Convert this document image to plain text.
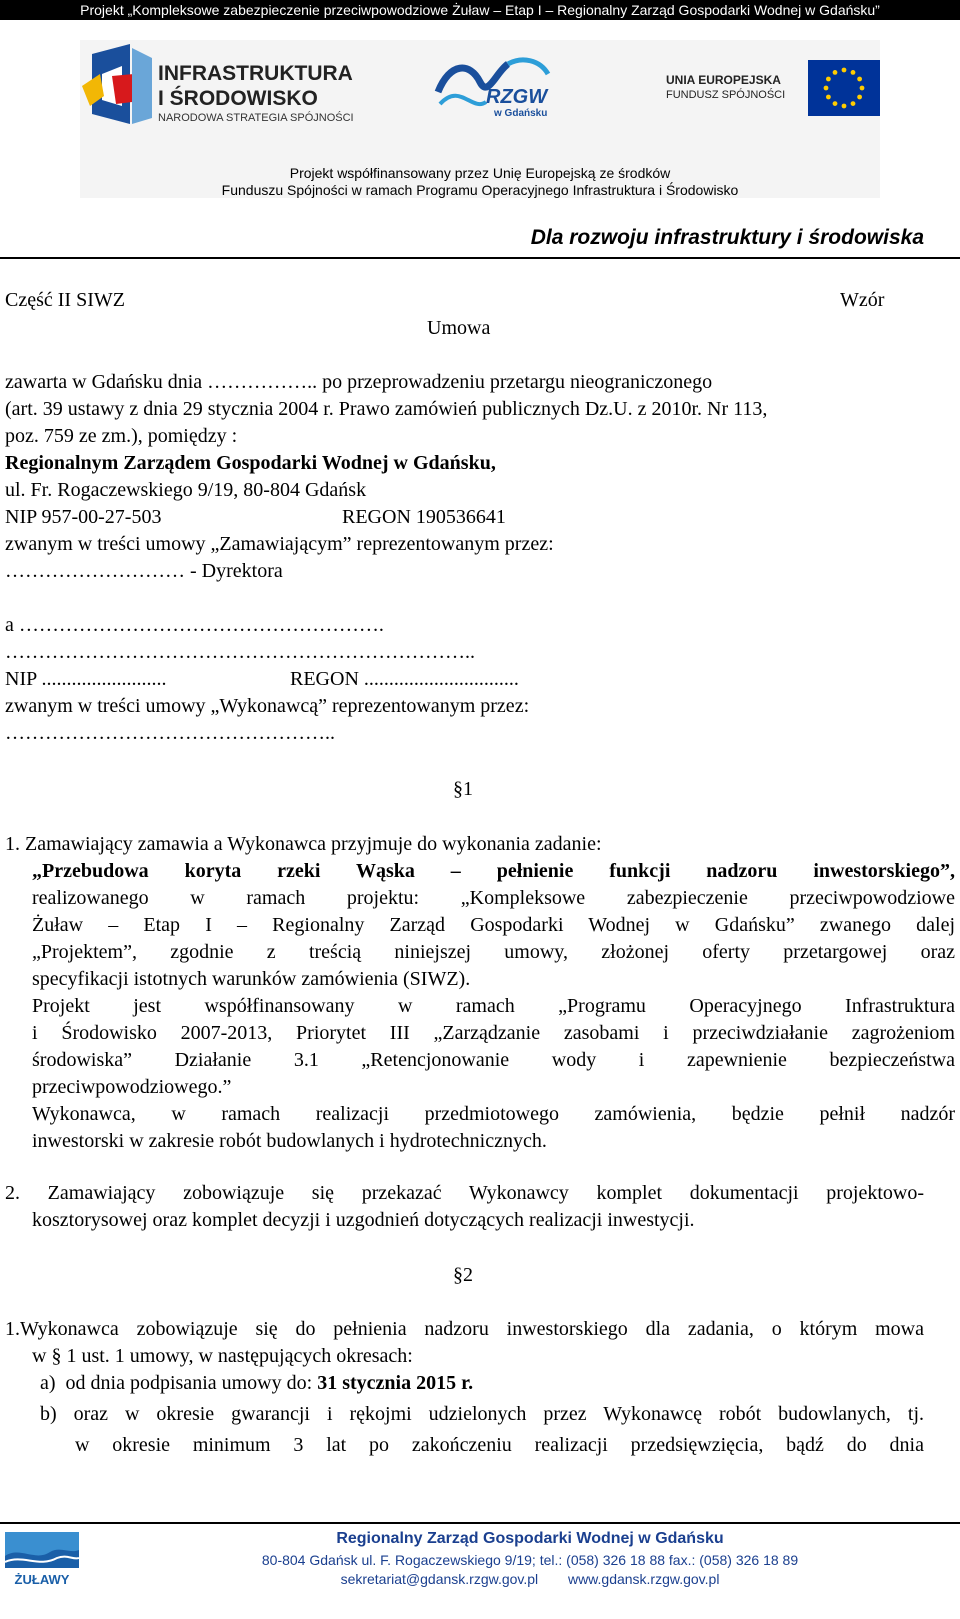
Projekt „Kompleksowe zabezpieczenie przeciwpowodziowe Żuław – Etap I – Regionalny Zarząd Gospodarki Wodnej w Gdańsku”
INFRASTRUKTURA
I ŚRODOWISKO
NARODOWA STRATEGIA SPÓJNOŚCI
RZGW
w Gdańsku
UNIA EUROPEJSKA
FUNDUSZ SPÓJNOŚCI
Projekt współfinansowany przez Unię Europejską ze środków
Funduszu Spójności w ramach Programu Operacyjnego Infrastruktura i Środowisko
Dla rozwoju infrastruktury i środowiska
Część II SIWZ	Wzór
Umowa
zawarta w Gdańsku dnia …………….. po przeprowadzeniu przetargu nieograniczonego
(art. 39 ustawy z dnia 29 stycznia 2004 r. Prawo zamówień publicznych Dz.U. z 2010r. Nr 113,
poz. 759 ze zm.), pomiędzy :
Regionalnym Zarządem Gospodarki Wodnej w Gdańsku,
ul. Fr. Rogaczewskiego 9/19, 80-804 Gdańsk
NIP 957-00-27-503	REGON 190536641
zwanym w treści umowy „Zamawiającym” reprezentowanym przez:
……………………… - Dyrektora
a ……………………………………………….
……………………………………………………………..
NIP .........................	REGON ...............................
zwanym w treści umowy „Wykonawcą” reprezentowanym przez:
…………………………………………..
§1
1. Zamawiający zamawia a Wykonawca przyjmuje do wykonania zadanie:
„Przebudowa koryta rzeki Wąska – pełnienie funkcji nadzoru inwestorskiego”,
realizowanego w ramach projektu: „Kompleksowe zabezpieczenie przeciwpowodziowe
Żuław – Etap I – Regionalny Zarząd Gospodarki Wodnej w Gdańsku” zwanego dalej
„Projektem”, zgodnie z treścią niniejszej umowy, złożonej oferty przetargowej oraz
specyfikacji istotnych warunków zamówienia (SIWZ).
Projekt jest współfinansowany w ramach „Programu Operacyjnego Infrastruktura
i Środowisko 2007-2013, Priorytet III „Zarządzanie zasobami i przeciwdziałanie zagrożeniom
środowiska” Działanie 3.1 „Retencjonowanie wody i zapewnienie bezpieczeństwa
przeciwpowodziowego.”
Wykonawca, w ramach realizacji przedmiotowego zamówienia, będzie pełnił nadzór
inwestorski w zakresie robót budowlanych i hydrotechnicznych.
2. Zamawiający zobowiązuje się przekazać Wykonawcy komplet dokumentacji projektowo-
kosztorysowej oraz komplet decyzji i uzgodnień dotyczących realizacji inwestycji.
§2
1.Wykonawca zobowiązuje się do pełnienia nadzoru inwestorskiego dla zadania, o którym mowa
w § 1 ust. 1 umowy, w następujących okresach:
a)  od dnia podpisania umowy do: 31 stycznia 2015 r.
b) oraz w okresie gwarancji i rękojmi udzielonych przez Wykonawcę robót budowlanych, tj.
w okresie minimum 3 lat po zakończeniu realizacji przedsięwzięcia, bądź do dnia
ŻUŁAWY
Regionalny Zarząd Gospodarki Wodnej w Gdańsku
80-804 Gdańsk ul. F. Rogaczewskiego 9/19; tel.: (058) 326 18 88 fax.: (058) 326 18 89
sekretariat@gdansk.rzgw.gov.pl www.gdansk.rzgw.gov.pl
